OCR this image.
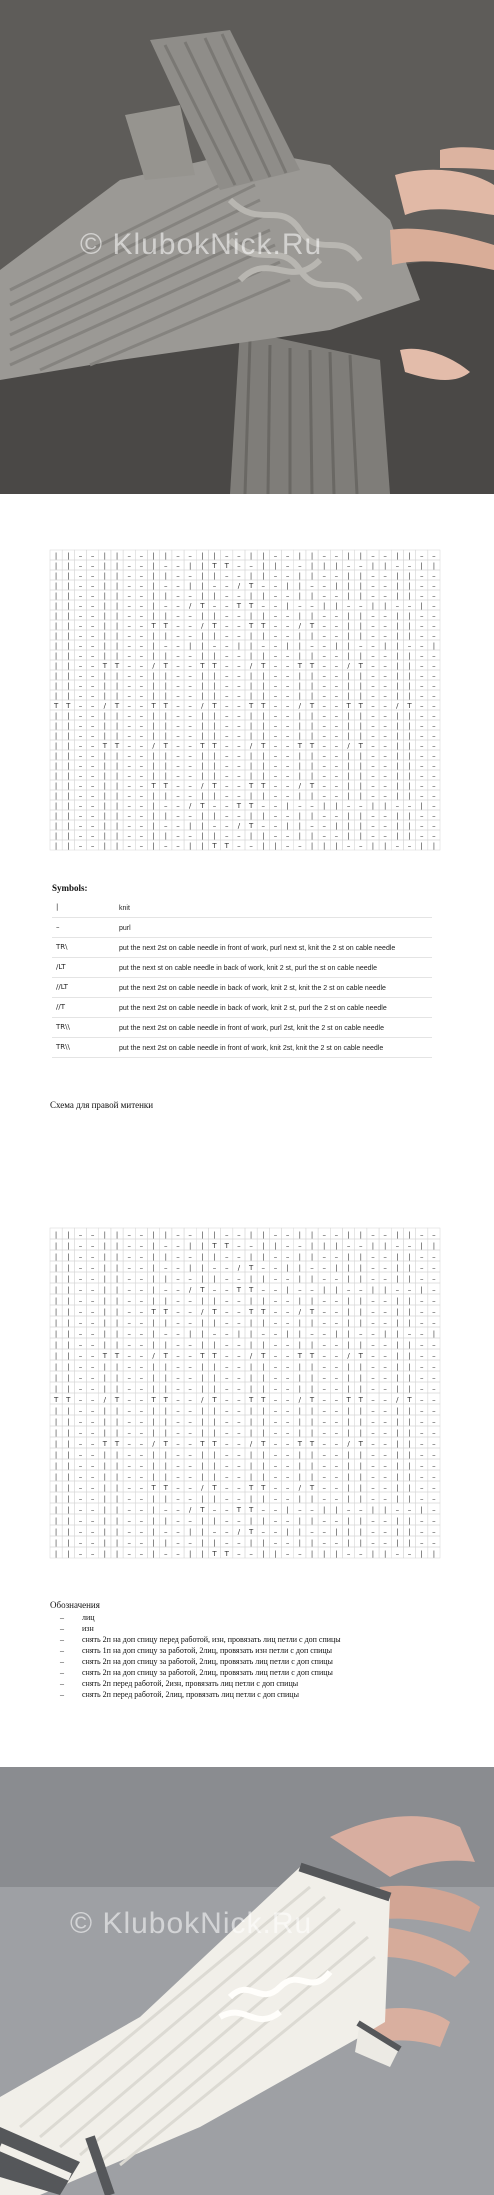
© KlubokNick.Ru
| | – – | | – – | | – – | | – – | | – – | | – – | | – – | | – –
| | – – | | – – | – – | | T T – – | | – – | | | – – | | – – | |
| | – – | | – – | | – – | | – – | | – – | | – – | | – – | | – –
| | – – | | – – | – – | | – – / T – – | | – – | | | – – | | – –
| | – – | | – – | | – – | | – – | | – – | | – – | | – – | | – –
| | – – | | – – | – – / T – – T T – – | – – | | – – | | – – | –
| | – – | | – – | | – – | | – – | | – – | | – – | | – – | | – –
| | – – | | – – T T – – / T – – T T – – / T – – | | – – | | – –
| | – – | | – – | | – – | | – – | | – – | | – – | | – – | | – –
| | – – | | – – | – – | | – – | | – – | | – – | | – – | | – – |
| | – – | | – – | | – – | | – – | | – – | | – – | | – – | | – –
| | – – T T – – / T – – T T – – / T – – T T – – / T – – | | – –
| | – – | | – – | | – – | | – – | | – – | | – – | | – – | | – –
| | – – | | – – | | – – | | – – | | – – | | – – | | – – | | – –
| | – – | | – – | | – – | | – – | | – – | | – – | | – – | | – –
T T – – / T – – T T – – / T – – T T – – / T – – T T – – / T – –
| | – – | | – – | | – – | | – – | | – – | | – – | | – – | | – –
| | – – | | – – | | – – | | – – | | – – | | – – | | – – | | – –
| | – – | | – – | | – – | | – – | | – – | | – – | | – – | | – –
| | – – T T – – / T – – T T – – / T – – T T – – / T – – | | – –
| | – – | | – – | | – – | | – – | | – – | | – – | | – – | | – –
| | – – | | – – | | – – | | – – | | – – | | – – | | – – | | – –
| | – – | | – – | | – – | | – – | | – – | | – – | | – – | | – –
| | – – | | – – T T – – / T – – T T – – / T – – | | – – | | – –
| | – – | | – – | | – – | | – – | | – – | | – – | | – – | | – –
| | – – | | – – | – – / T – – T T – – | – – | | – – | | – – | –
| | – – | | – – | | – – | | – – | | – – | | – – | | – – | | – –
| | – – | | – – | – – | | – – / T – – | | – – | | | – – | | – –
| | – – | | – – | | – – | | – – | | – – | | – – | | – – | | – –
| | – – | | – – | – – | | T T – – | | – – | | | – – | | – – | |
Symbols:
|	knit
–	purl
TR\	put the next 2st on cable needle in front of work, purl next st, knit the 2 st on cable needle
/LT	put the next st on cable needle in back of work, knit 2 st, purl the st on cable needle
//LT	put the next 2st on cable needle in back of work, knit 2 st, knit the 2 st on cable needle
//T	put the next 2st on cable needle in back of work, knit 2 st, purl the 2 st on cable needle
TR\\	put the next 2st on cable needle in front of work, purl 2st, knit the 2 st on cable needle
TR\\	put the next 2st on cable needle in front of work, knit 2st, knit the 2 st on cable needle
Схема для правой митенки
| | – – | | – – | | – – | | – – | | – – | | – – | | – – | | – –
| | – – | | – – | – – | | T T – – | | – – | | | – – | | – – | |
| | – – | | – – | | – – | | – – | | – – | | – – | | – – | | – –
| | – – | | – – | – – | | – – / T – – | | – – | | | – – | | – –
| | – – | | – – | | – – | | – – | | – – | | – – | | – – | | – –
| | – – | | – – | – – / T – – T T – – | – – | | – – | | – – | –
| | – – | | – – | | – – | | – – | | – – | | – – | | – – | | – –
| | – – | | – – T T – – / T – – T T – – / T – – | | – – | | – –
| | – – | | – – | | – – | | – – | | – – | | – – | | – – | | – –
| | – – | | – – | – – | | – – | | – – | | – – | | – – | | – – |
| | – – | | – – | | – – | | – – | | – – | | – – | | – – | | – –
| | – – T T – – / T – – T T – – / T – – T T – – / T – – | | – –
| | – – | | – – | | – – | | – – | | – – | | – – | | – – | | – –
| | – – | | – – | | – – | | – – | | – – | | – – | | – – | | – –
| | – – | | – – | | – – | | – – | | – – | | – – | | – – | | – –
T T – – / T – – T T – – / T – – T T – – / T – – T T – – / T – –
| | – – | | – – | | – – | | – – | | – – | | – – | | – – | | – –
| | – – | | – – | | – – | | – – | | – – | | – – | | – – | | – –
| | – – | | – – | | – – | | – – | | – – | | – – | | – – | | – –
| | – – T T – – / T – – T T – – / T – – T T – – / T – – | | – –
| | – – | | – – | | – – | | – – | | – – | | – – | | – – | | – –
| | – – | | – – | | – – | | – – | | – – | | – – | | – – | | – –
| | – – | | – – | | – – | | – – | | – – | | – – | | – – | | – –
| | – – | | – – T T – – / T – – T T – – / T – – | | – – | | – –
| | – – | | – – | | – – | | – – | | – – | | – – | | – – | | – –
| | – – | | – – | – – / T – – T T – – | – – | | – – | | – – | –
| | – – | | – – | | – – | | – – | | – – | | – – | | – – | | – –
| | – – | | – – | – – | | – – / T – – | | – – | | | – – | | – –
| | – – | | – – | | – – | | – – | | – – | | – – | | – – | | – –
| | – – | | – – | – – | | T T – – | | – – | | | – – | | – – | |
Обозначения
– лиц
– изн
– снять 2п на доп спицу перед работой, изн, провязать лиц петли с доп спицы
– снять 1п на доп спицу за работой, 2лиц, провязать изн петли с доп спицы
– снять 2п на доп спицу за работой, 2лиц, провязать лиц петли с доп спицы
– снять 2п на доп спицу за работой, 2лиц, провязать лиц петли с доп спицы
– снять 2п перед работой, 2изн, провязать лиц петли с доп спицы
– снять 2п перед работой, 2лиц, провязать лиц петли с доп спицы
© KlubokNick.Ru
